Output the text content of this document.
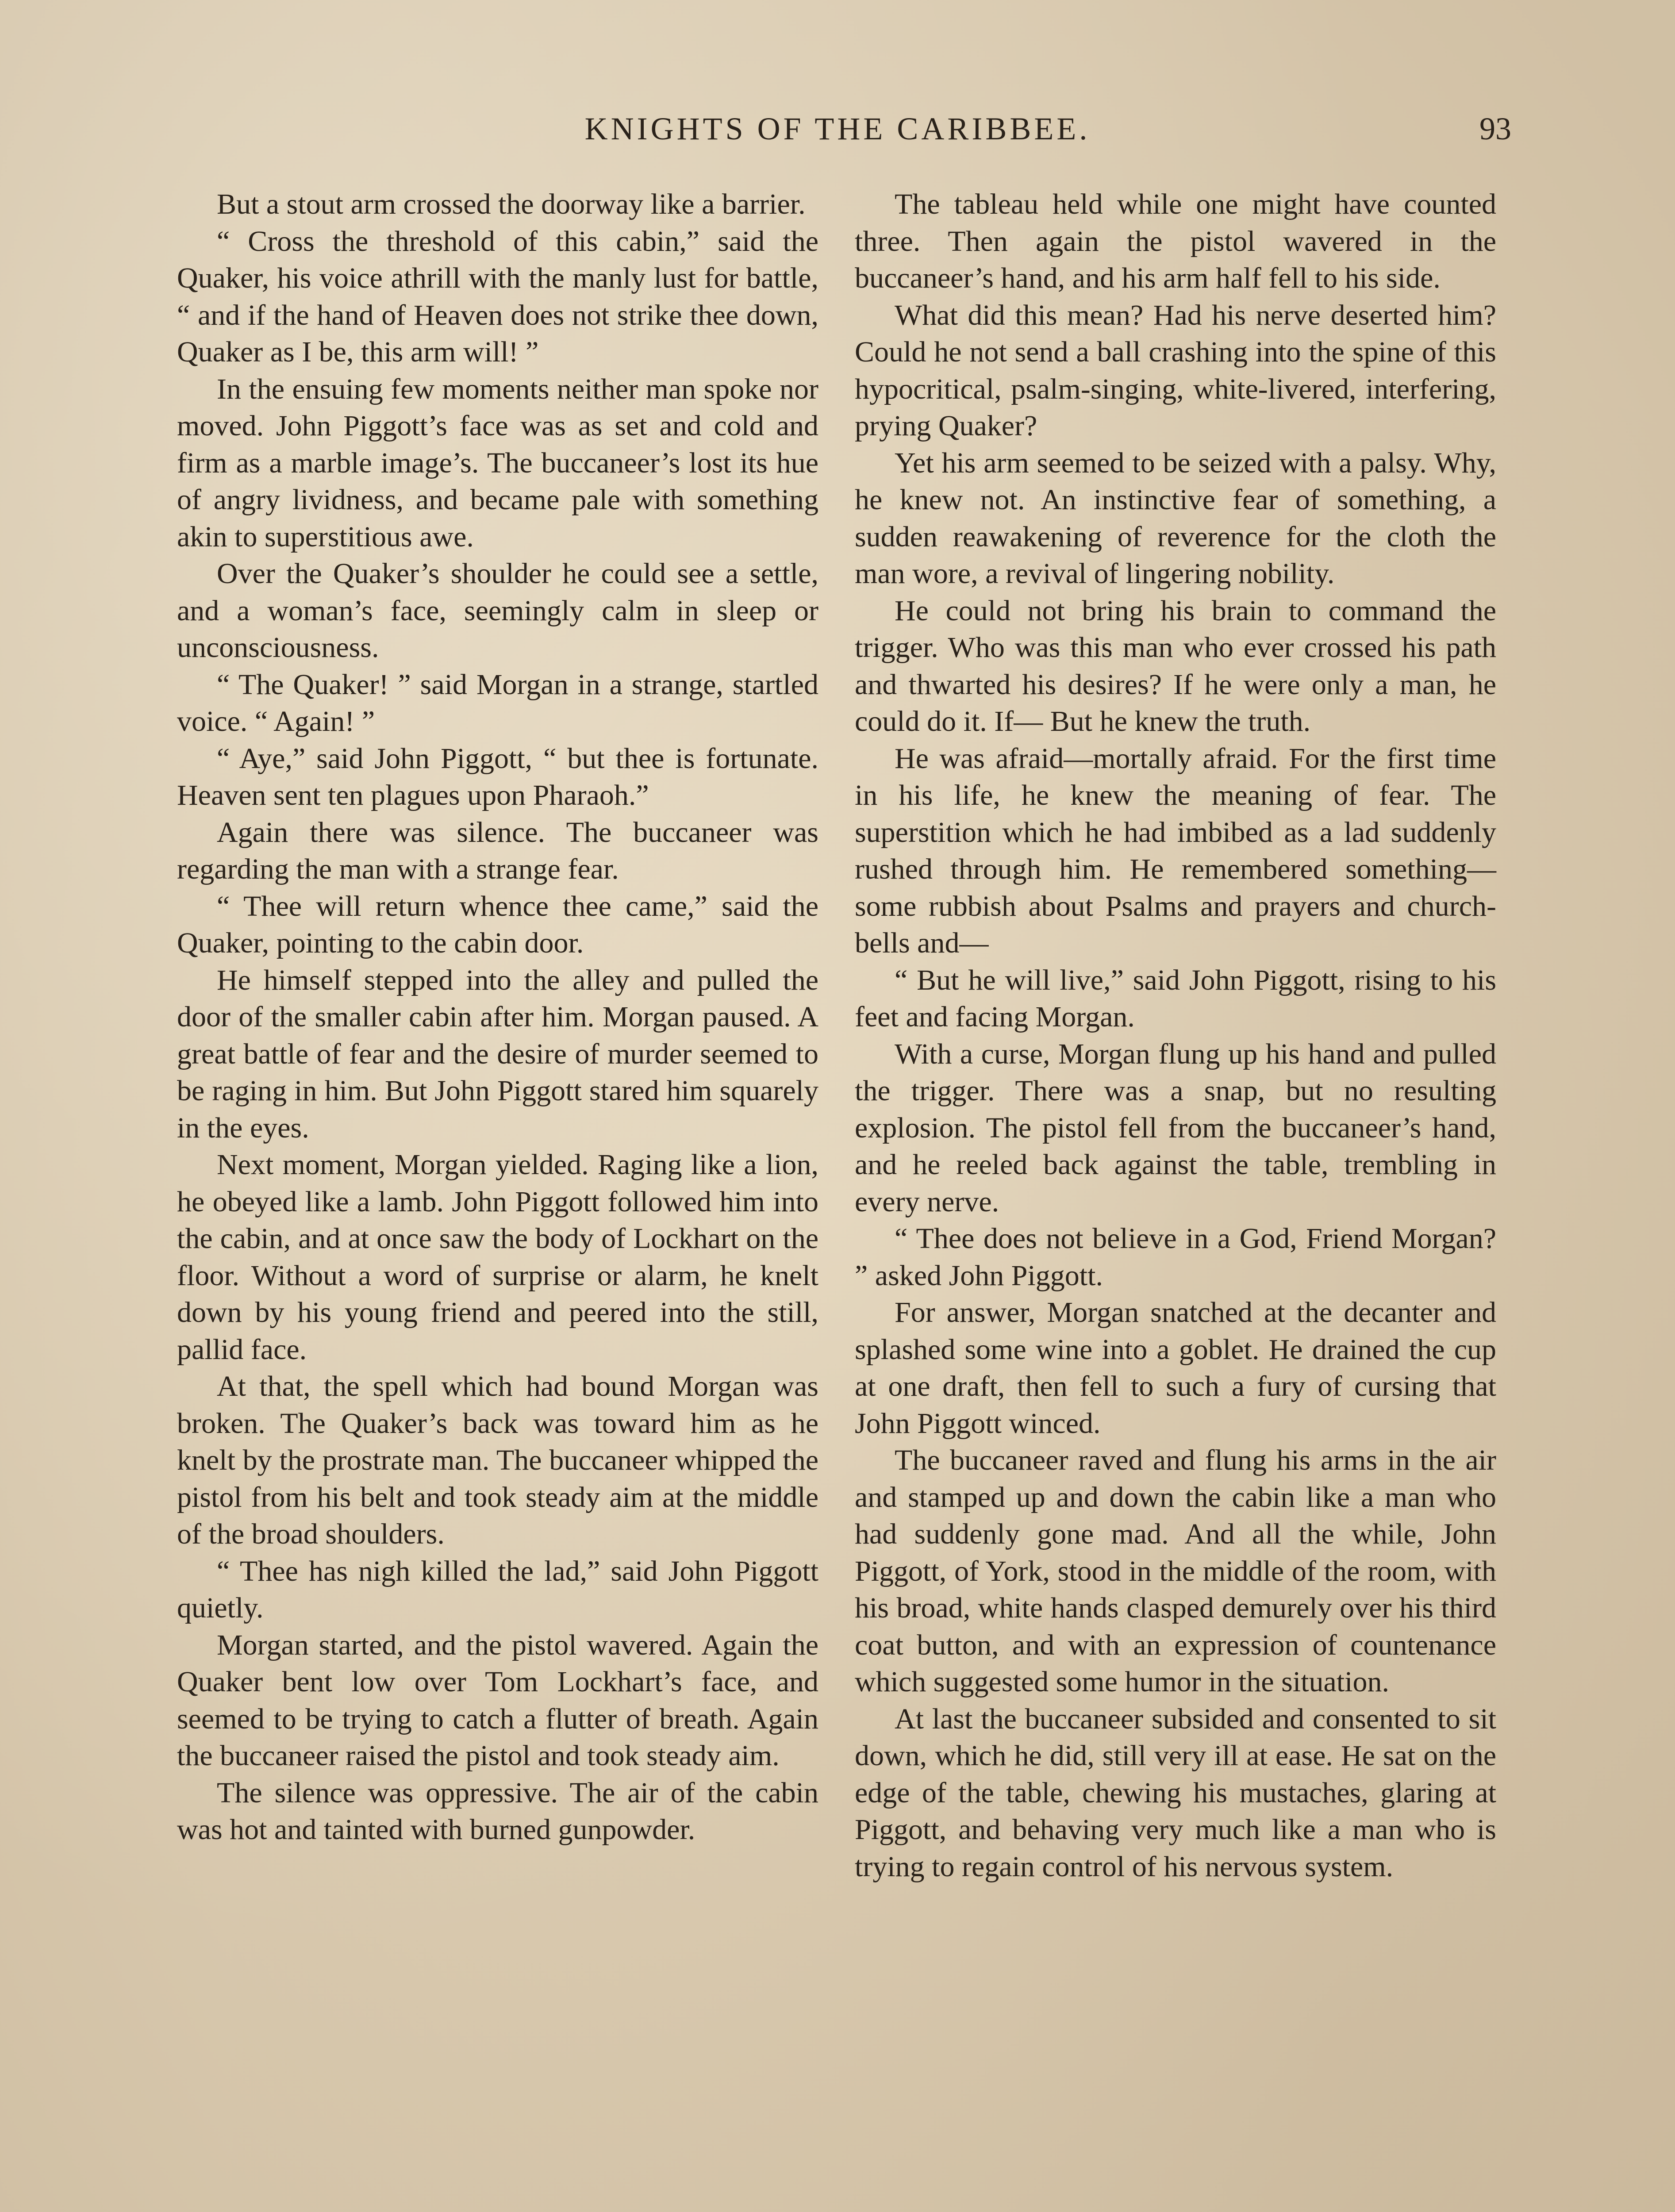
KNIGHTS OF THE CARIBBEE.	93

But a stout arm crossed the doorway like a barrier.

“ Cross the threshold of this cabin,” said the Quaker, his voice athrill with the manly lust for battle, “ and if the hand of Heaven does not strike thee down, Quaker as I be, this arm will! ”

In the ensuing few moments neither man spoke nor moved. John Piggott’s face was as set and cold and firm as a marble image’s. The buccaneer’s lost its hue of angry lividness, and became pale with something akin to superstitious awe.

Over the Quaker’s shoulder he could see a settle, and a woman’s face, seemingly calm in sleep or unconsciousness.

“ The Quaker! ” said Morgan in a strange, startled voice. “ Again! ”

“ Aye,” said John Piggott, “ but thee is fortunate. Heaven sent ten plagues upon Pharaoh.”

Again there was silence. The buccaneer was regarding the man with a strange fear.

“ Thee will return whence thee came,” said the Quaker, pointing to the cabin door.

He himself stepped into the alley and pulled the door of the smaller cabin after him. Morgan paused. A great battle of fear and the desire of murder seemed to be raging in him. But John Piggott stared him squarely in the eyes.

Next moment, Morgan yielded. Raging like a lion, he obeyed like a lamb. John Piggott followed him into the cabin, and at once saw the body of Lockhart on the floor. Without a word of surprise or alarm, he knelt down by his young friend and peered into the still, pallid face.

At that, the spell which had bound Morgan was broken. The Quaker’s back was toward him as he knelt by the prostrate man. The buccaneer whipped the pistol from his belt and took steady aim at the middle of the broad shoulders.

“ Thee has nigh killed the lad,” said John Piggott quietly.

Morgan started, and the pistol wavered. Again the Quaker bent low over Tom Lockhart’s face, and seemed to be trying to catch a flutter of breath. Again the buccaneer raised the pistol and took steady aim.

The silence was oppressive. The air of the cabin was hot and tainted with burned gunpowder.

The tableau held while one might have counted three. Then again the pistol wavered in the buccaneer’s hand, and his arm half fell to his side.

What did this mean? Had his nerve deserted him? Could he not send a ball crashing into the spine of this hypocritical, psalm-singing, white-livered, interfering, prying Quaker?

Yet his arm seemed to be seized with a palsy. Why, he knew not. An instinctive fear of something, a sudden reawakening of reverence for the cloth the man wore, a revival of lingering nobility.

He could not bring his brain to command the trigger. Who was this man who ever crossed his path and thwarted his desires? If he were only a man, he could do it. If— But he knew the truth.

He was afraid—mortally afraid. For the first time in his life, he knew the meaning of fear. The superstition which he had imbibed as a lad suddenly rushed through him. He remembered something—some rubbish about Psalms and prayers and church-bells and—

“ But he will live,” said John Piggott, rising to his feet and facing Morgan.

With a curse, Morgan flung up his hand and pulled the trigger. There was a snap, but no resulting explosion. The pistol fell from the buccaneer’s hand, and he reeled back against the table, trembling in every nerve.

“ Thee does not believe in a God, Friend Morgan? ” asked John Piggott.

For answer, Morgan snatched at the decanter and splashed some wine into a goblet. He drained the cup at one draft, then fell to such a fury of cursing that John Piggott winced.

The buccaneer raved and flung his arms in the air and stamped up and down the cabin like a man who had suddenly gone mad. And all the while, John Piggott, of York, stood in the middle of the room, with his broad, white hands clasped demurely over his third coat button, and with an expression of countenance which suggested some humor in the situation.

At last the buccaneer subsided and consented to sit down, which he did, still very ill at ease. He sat on the edge of the table, chewing his mustaches, glaring at Piggott, and behaving very much like a man who is trying to regain control of his nervous system.
